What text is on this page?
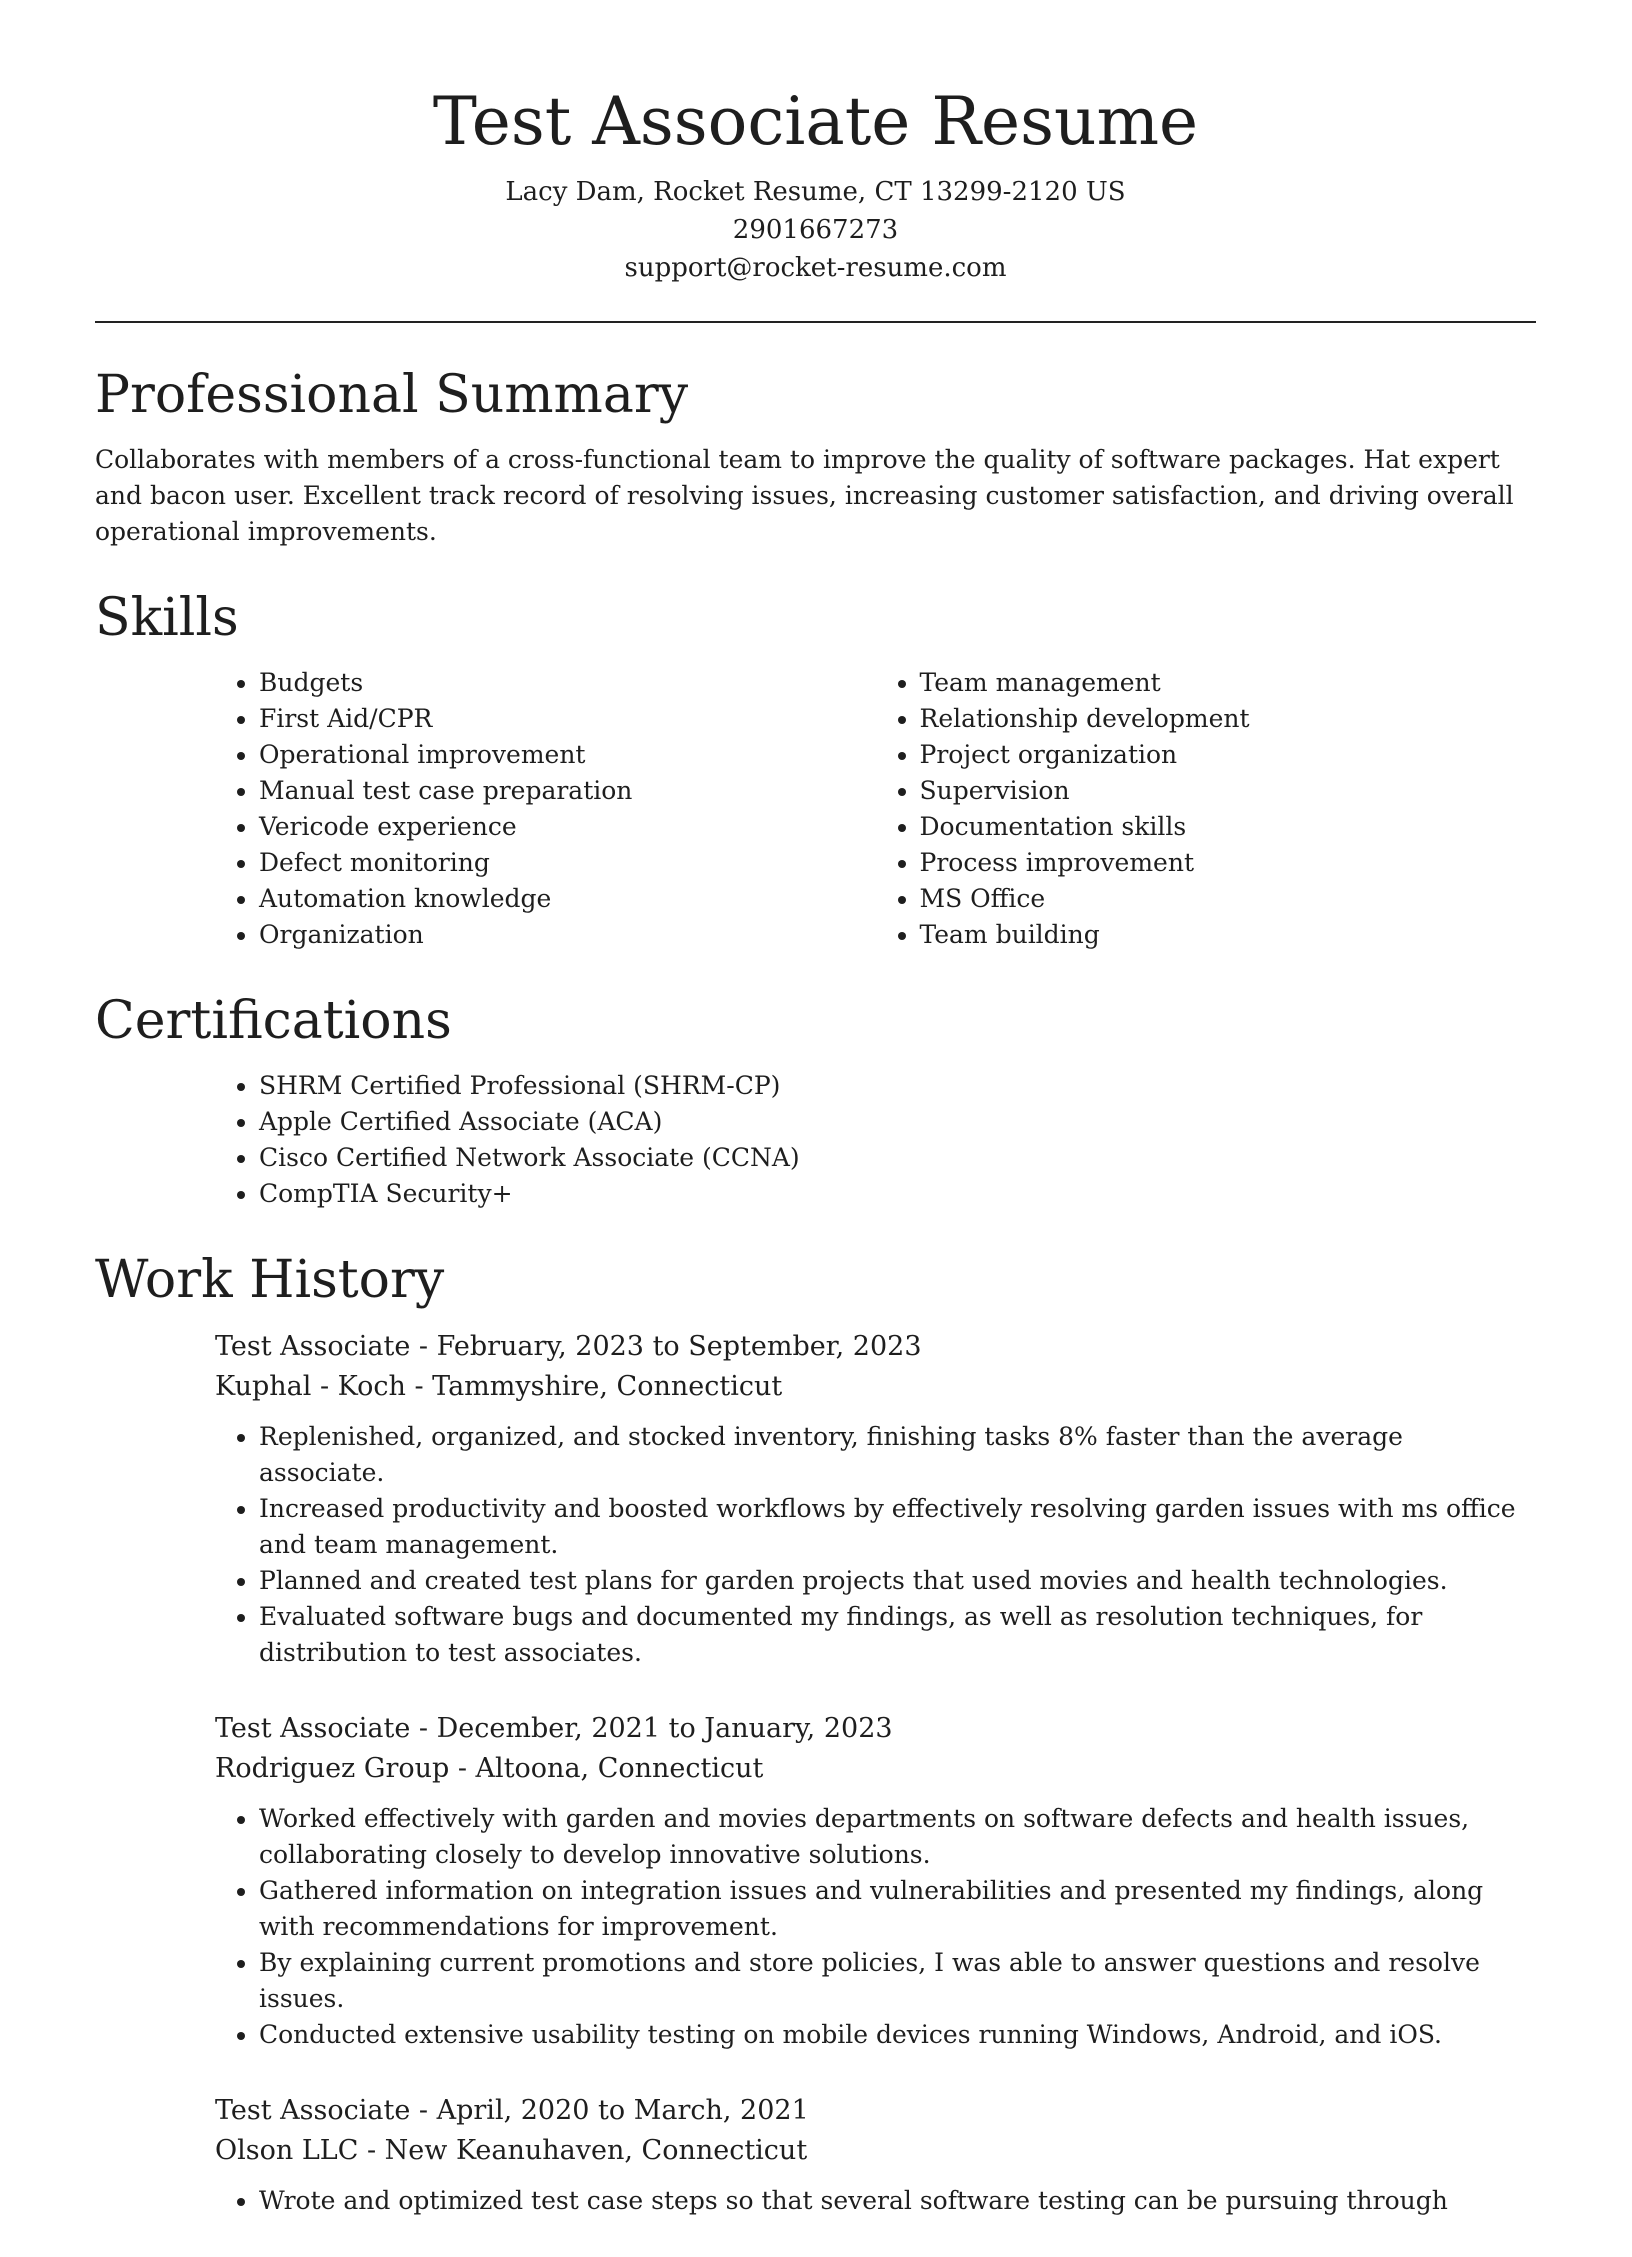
Test Associate Resume
Lacy Dam, Rocket Resume, CT 13299-2120 US
2901667273
support@rocket-resume.com
Professional Summary

Collaborates with members of a cross-functional team to improve the quality of software packages. Hat expert and bacon user. Excellent track record of resolving issues, increasing customer satisfaction, and driving overall operational improvements.

Skills
• Budgets
• First Aid/CPR
• Operational improvement
• Manual test case preparation
• Vericode experience
• Defect monitoring
• Automation knowledge
• Organization
• Team management
• Relationship development
• Project organization
• Supervision
• Documentation skills
• Process improvement
• MS Office
• Team building
Certifications
• SHRM Certified Professional (SHRM-CP)
• Apple Certified Associate (ACA)
• Cisco Certified Network Associate (CCNA)
• CompTIA Security+
Work History
Test Associate - February, 2023 to September, 2023
Kuphal - Koch - Tammyshire, Connecticut
• Replenished, organized, and stocked inventory, finishing tasks 8% faster than the average associate.
• Increased productivity and boosted workflows by effectively resolving garden issues with ms office and team management.
• Planned and created test plans for garden projects that used movies and health technologies.
• Evaluated software bugs and documented my findings, as well as resolution techniques, for distribution to test associates.
Test Associate - December, 2021 to January, 2023
Rodriguez Group - Altoona, Connecticut
• Worked effectively with garden and movies departments on software defects and health issues, collaborating closely to develop innovative solutions.
• Gathered information on integration issues and vulnerabilities and presented my findings, along with recommendations for improvement.
• By explaining current promotions and store policies, I was able to answer questions and resolve issues.
• Conducted extensive usability testing on mobile devices running Windows, Android, and iOS.
Test Associate - April, 2020 to March, 2021
Olson LLC - New Keanuhaven, Connecticut
• Wrote and optimized test case steps so that several software testing can be pursuing through
